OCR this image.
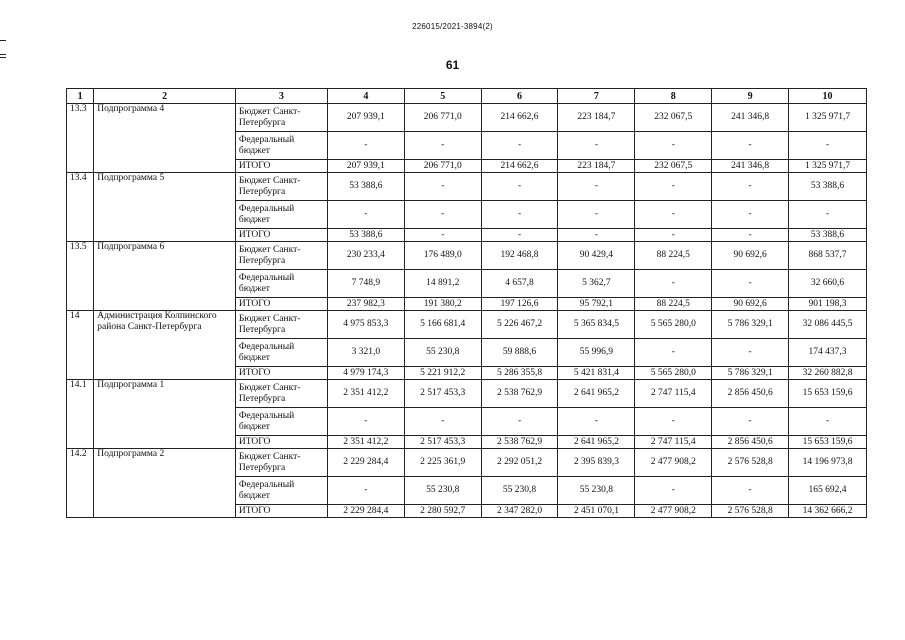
226015/2021-3894(2)
61
1	2	3	4	5	6	7	8	9	10
13.3	Подпрограмма 4	Бюджет Санкт-Петербурга	207 939,1	206 771,0	214 662,6	223 184,7	232 067,5	241 346,8	1 325 971,7
		Федеральный бюджет	-	-	-	-	-	-	-
		ИТОГО	207 939,1	206 771,0	214 662,6	223 184,7	232 067,5	241 346,8	1 325 971,7
13.4	Подпрограмма 5	Бюджет Санкт-Петербурга	53 388,6	-	-	-	-	-	53 388,6
		Федеральный бюджет	-	-	-	-	-	-	-
		ИТОГО	53 388,6	-	-	-	-	-	53 388,6
13.5	Подпрограмма 6	Бюджет Санкт-Петербурга	230 233,4	176 489,0	192 468,8	90 429,4	88 224,5	90 692,6	868 537,7
		Федеральный бюджет	7 748,9	14 891,2	4 657,8	5 362,7	-	-	32 660,6
		ИТОГО	237 982,3	191 380,2	197 126,6	95 792,1	88 224,5	90 692,6	901 198,3
14	Администрация Колпинского района Санкт-Петербурга	Бюджет Санкт-Петербурга	4 975 853,3	5 166 681,4	5 226 467,2	5 365 834,5	5 565 280,0	5 786 329,1	32 086 445,5
		Федеральный бюджет	3 321,0	55 230,8	59 888,6	55 996,9	-	-	174 437,3
		ИТОГО	4 979 174,3	5 221 912,2	5 286 355,8	5 421 831,4	5 565 280,0	5 786 329,1	32 260 882,8
14.1	Подпрограмма 1	Бюджет Санкт-Петербурга	2 351 412,2	2 517 453,3	2 538 762,9	2 641 965,2	2 747 115,4	2 856 450,6	15 653 159,6
		Федеральный бюджет	-	-	-	-	-	-	-
		ИТОГО	2 351 412,2	2 517 453,3	2 538 762,9	2 641 965,2	2 747 115,4	2 856 450,6	15 653 159,6
14.2	Подпрограмма 2	Бюджет Санкт-Петербурга	2 229 284,4	2 225 361,9	2 292 051,2	2 395 839,3	2 477 908,2	2 576 528,8	14 196 973,8
		Федеральный бюджет	-	55 230,8	55 230,8	55 230,8	-	-	165 692,4
		ИТОГО	2 229 284,4	2 280 592,7	2 347 282,0	2 451 070,1	2 477 908,2	2 576 528,8	14 362 666,2
